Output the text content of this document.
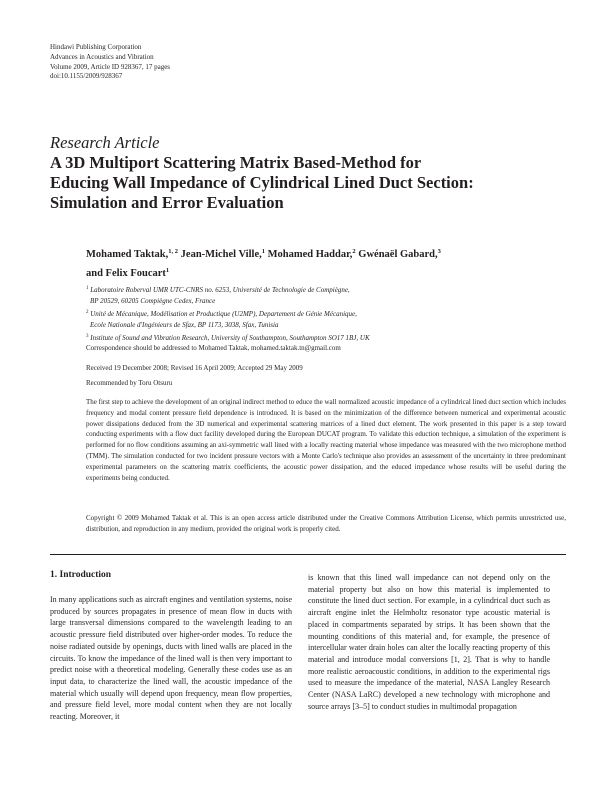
Hindawi Publishing Corporation
Advances in Acoustics and Vibration
Volume 2009, Article ID 928367, 17 pages
doi:10.1155/2009/928367
Research Article
A 3D Multiport Scattering Matrix Based-Method for
Educing Wall Impedance of Cylindrical Lined Duct Section:
Simulation and Error Evaluation
Mohamed Taktak,$^{1, 2}$ Jean-Michel Ville,$^1$ Mohamed Haddar,$^2$ Gwénaël Gabard,$^3$
and Felix Foucart$^1$
$^1$ Laboratoire Roberval UMR UTC-CNRS no. 6253, Université de Technologie de Compiègne,
BP 20529, 60205 Compiègne Cedex, France
$^2$ Unité de Mécanique, Modélisation et Productique (U2MP), Departement de Génie Mécanique,
Ecole Nationale d'Ingénieurs de Sfax, BP 1173, 3038, Sfax, Tunisia
$^3$ Institute of Sound and Vibration Research, University of Southampton, Southampton SO17 1BJ, UK
Correspondence should be addressed to Mohamed Taktak, mohamed.taktak.tn@gmail.com
Received 19 December 2008; Revised 16 April 2009; Accepted 29 May 2009
Recommended by Toru Otsuru

The first step to achieve the development of an original indirect method to educe the wall normalized acoustic impedance of a cylindrical lined duct section which includes frequency and modal content pressure field dependence is introduced. It is based on the minimization of the difference between numerical and experimental acoustic power dissipations deduced from the 3D numerical and experimental scattering matrices of a lined duct element. The work presented in this paper is a step toward conducting experiments with a flow duct facility developed during the European DUCAT program. To validate this eduction technique, a simulation of the experiment is performed for no flow conditions assuming an axi-symmetric wall lined with a locally reacting material whose impedance was measured with the two microphone method (TMM). The simulation conducted for two incident pressure vectors with a Monte Carlo's technique also provides an assessment of the uncertainty in three predominant experimental parameters on the scattering matrix coefficients, the acoustic power dissipation, and the educed impedance whose results will be useful during the experiments being conducted.

Copyright © 2009 Mohamed Taktak et al. This is an open access article distributed under the Creative Commons Attribution License, which permits unrestricted use, distribution, and reproduction in any medium, provided the original work is properly cited.

1. Introduction

In many applications such as aircraft engines and ventilation systems, noise produced by sources propagates in presence of mean flow in ducts with large transversal dimensions compared to the wavelength leading to an acoustic pressure field distributed over higher-order modes. To reduce the noise radiated outside by openings, ducts with lined walls are placed in the circuits. To know the impedance of the lined wall is then very important to predict noise with a theoretical modeling. Generally these codes use as an input data, to characterize the lined wall, the acoustic impedance of the material which usually will depend upon frequency, mean flow properties, and pressure field level, more modal content when they are not locally reacting. Moreover, it

is known that this lined wall impedance can not depend only on the material property but also on how this material is implemented to constitute the lined duct section. For example, in a cylindrical duct such as aircraft engine inlet the Helmholtz resonator type acoustic material is placed in compartments separated by strips. It has been shown that the mounting conditions of this material and, for example, the presence of intercellular water drain holes can alter the locally reacting property of this material and introduce modal conversions [1, 2]. That is why to handle more realistic aeroacoustic conditions, in addition to the experimental rigs used to measure the impedance of the material, NASA Langley Research Center (NASA LaRC) developed a new technology with microphone and source arrays [3–5] to conduct studies in multimodal propagation
